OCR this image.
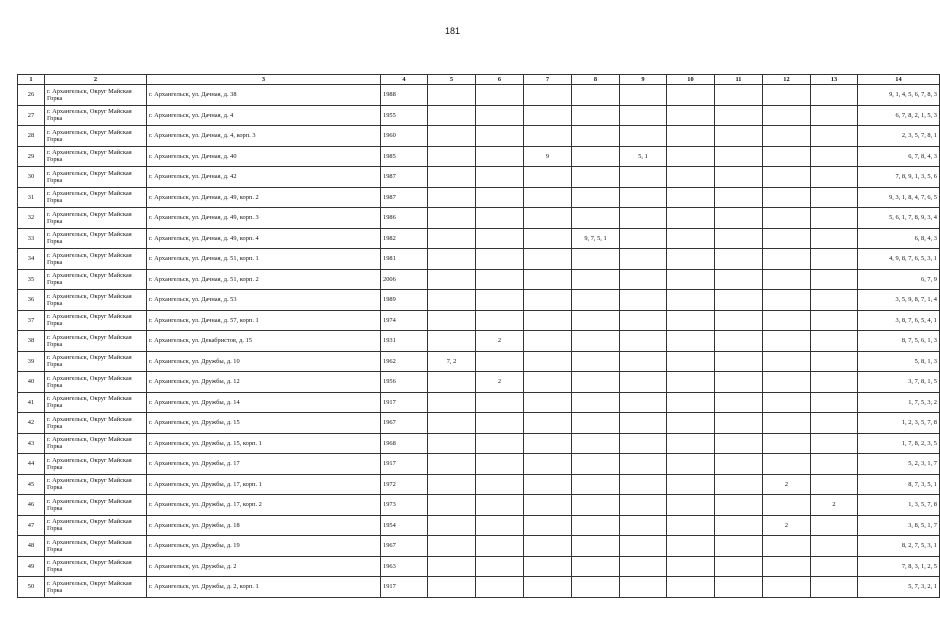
181
1	2	3	4	5	6	7	8	9	10	11	12	13	14
26	г. Архангельск, Округ Майская Горка	г. Архангельск, ул. Дачная, д. 38	1988										9, 1, 4, 5, 6, 7, 8, 3
27	г. Архангельск, Округ Майская Горка	г. Архангельск, ул. Дачная, д. 4	1955										6, 7, 8, 2, 1, 5, 3
28	г. Архангельск, Округ Майская Горка	г. Архангельск, ул. Дачная, д. 4, корп. 3	1960										2, 3, 5, 7, 8, 1
29	г. Архангельск, Округ Майская Горка	г. Архангельск, ул. Дачная, д. 40	1985			9		5, 1					6, 7, 8, 4, 3
30	г. Архангельск, Округ Майская Горка	г. Архангельск, ул. Дачная, д. 42	1987										7, 8, 9, 1, 3, 5, 6
31	г. Архангельск, Округ Майская Горка	г. Архангельск, ул. Дачная, д. 49, корп. 2	1987										9, 3, 1, 8, 4, 7, 6, 5
32	г. Архангельск, Округ Майская Горка	г. Архангельск, ул. Дачная, д. 49, корп. 3	1986										5, 6, 1, 7, 8, 9, 3, 4
33	г. Архангельск, Округ Майская Горка	г. Архангельск, ул. Дачная, д. 49, корп. 4	1982				9, 7, 5, 1						6, 8, 4, 3
34	г. Архангельск, Округ Майская Горка	г. Архангельск, ул. Дачная, д. 51, корп. 1	1981										4, 9, 8, 7, 6, 5, 3, 1
35	г. Архангельск, Округ Майская Горка	г. Архангельск, ул. Дачная, д. 51, корп. 2	2006										6, 7, 9
36	г. Архангельск, Округ Майская Горка	г. Архангельск, ул. Дачная, д. 53	1989										3, 5, 9, 8, 7, 1, 4
37	г. Архангельск, Округ Майская Горка	г. Архангельск, ул. Дачная, д. 57, корп. 1	1974										3, 8, 7, 6, 5, 4, 1
38	г. Архангельск, Округ Майская Горка	г. Архангельск, ул. Декабристов, д. 15	1931		2								8, 7, 5, 6, 1, 3
39	г. Архангельск, Округ Майская Горка	г. Архангельск, ул. Дружбы, д. 10	1962	7, 2									5, 8, 1, 3
40	г. Архангельск, Округ Майская Горка	г. Архангельск, ул. Дружбы, д. 12	1956		2								3, 7, 8, 1, 5
41	г. Архангельск, Округ Майская Горка	г. Архангельск, ул. Дружбы, д. 14	1917										1, 7, 5, 3, 2
42	г. Архангельск, Округ Майская Горка	г. Архангельск, ул. Дружбы, д. 15	1967										1, 2, 3, 5, 7, 8
43	г. Архангельск, Округ Майская Горка	г. Архангельск, ул. Дружбы, д. 15, корп. 1	1968										1, 7, 8, 2, 3, 5
44	г. Архангельск, Округ Майская Горка	г. Архангельск, ул. Дружбы, д. 17	1917										5, 2, 3, 1, 7
45	г. Архангельск, Округ Майская Горка	г. Архангельск, ул. Дружбы, д. 17, корп. 1	1972								2		8, 7, 3, 5, 1
46	г. Архангельск, Округ Майская Горка	г. Архангельск, ул. Дружбы, д. 17, корп. 2	1973									2	1, 3, 5, 7, 8
47	г. Архангельск, Округ Майская Горка	г. Архангельск, ул. Дружбы, д. 18	1954								2		3, 8, 5, 1, 7
48	г. Архангельск, Округ Майская Горка	г. Архангельск, ул. Дружбы, д. 19	1967										8, 2, 7, 5, 3, 1
49	г. Архангельск, Округ Майская Горка	г. Архангельск, ул. Дружбы, д. 2	1963										7, 8, 3, 1, 2, 5
50	г. Архангельск, Округ Майская Горка	г. Архангельск, ул. Дружбы, д. 2, корп. 1	1917										5, 7, 3, 2, 1
